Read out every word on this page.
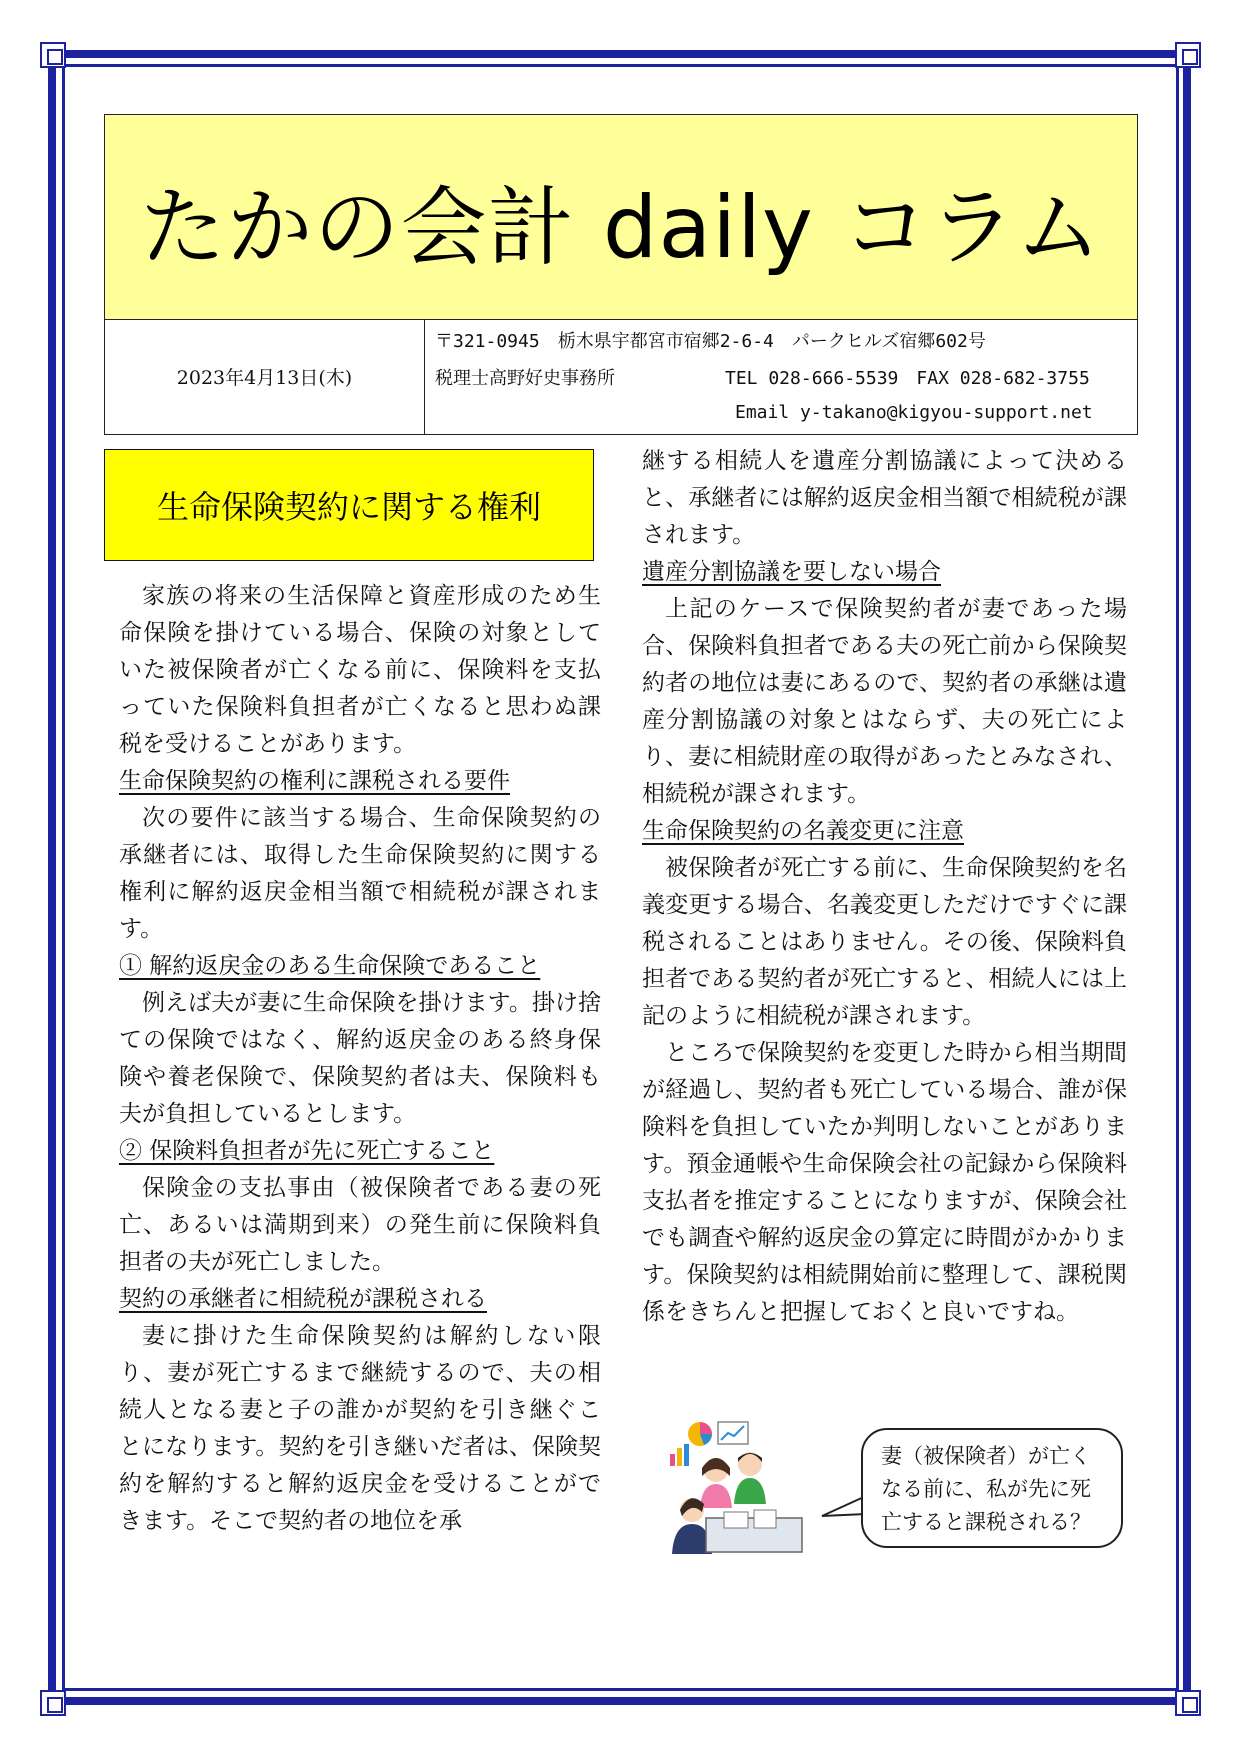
たかの会計 daily コラム
2023年4月13日(木)
〒321-0945　栃木県宇都宮市宿郷2-6-4　パークヒルズ宿郷602号
税理士高野好史事務所	TEL 028-666-5539　FAX 028-682-3755
Email y-takano@kigyou-support.net
生命保険契約に関する権利

家族の将来の生活保障と資産形成のため生命保険を掛けている場合、保険の対象としていた被保険者が亡くなる前に、保険料を支払っていた保険料負担者が亡くなると思わぬ課税を受けることがあります。

生命保険契約の権利に課税される要件

次の要件に該当する場合、生命保険契約の承継者には、取得した生命保険契約に関する権利に解約返戻金相当額で相続税が課されます。

① 解約返戻金のある生命保険であること

例えば夫が妻に生命保険を掛けます。掛け捨ての保険ではなく、解約返戻金のある終身保険や養老保険で、保険契約者は夫、保険料も夫が負担しているとします。

② 保険料負担者が先に死亡すること

保険金の支払事由（被保険者である妻の死亡、あるいは満期到来）の発生前に保険料負担者の夫が死亡しました。

契約の承継者に相続税が課税される

妻に掛けた生命保険契約は解約しない限り、妻が死亡するまで継続するので、夫の相続人となる妻と子の誰かが契約を引き継ぐことになります。契約を引き継いだ者は、保険契約を解約すると解約返戻金を受けることができます。そこで契約者の地位を承

継する相続人を遺産分割協議によって決めると、承継者には解約返戻金相当額で相続税が課されます。

遺産分割協議を要しない場合

上記のケースで保険契約者が妻であった場合、保険料負担者である夫の死亡前から保険契約者の地位は妻にあるので、契約者の承継は遺産分割協議の対象とはならず、夫の死亡により、妻に相続財産の取得があったとみなされ、相続税が課されます。

生命保険契約の名義変更に注意

被保険者が死亡する前に、生命保険契約を名義変更する場合、名義変更しただけですぐに課税されることはありません。その後、保険料負担者である契約者が死亡すると、相続人には上記のように相続税が課されます。

ところで保険契約を変更した時から相当期間が経過し、契約者も死亡している場合、誰が保険料を負担していたか判明しないことがあります。預金通帳や生命保険会社の記録から保険料支払者を推定することになりますが、保険会社でも調査や解約返戻金の算定に時間がかかります。保険契約は相続開始前に整理して、課税関係をきちんと把握しておくと良いですね。

妻（被保険者）が亡くなる前に、私が先に死亡すると課税される？
